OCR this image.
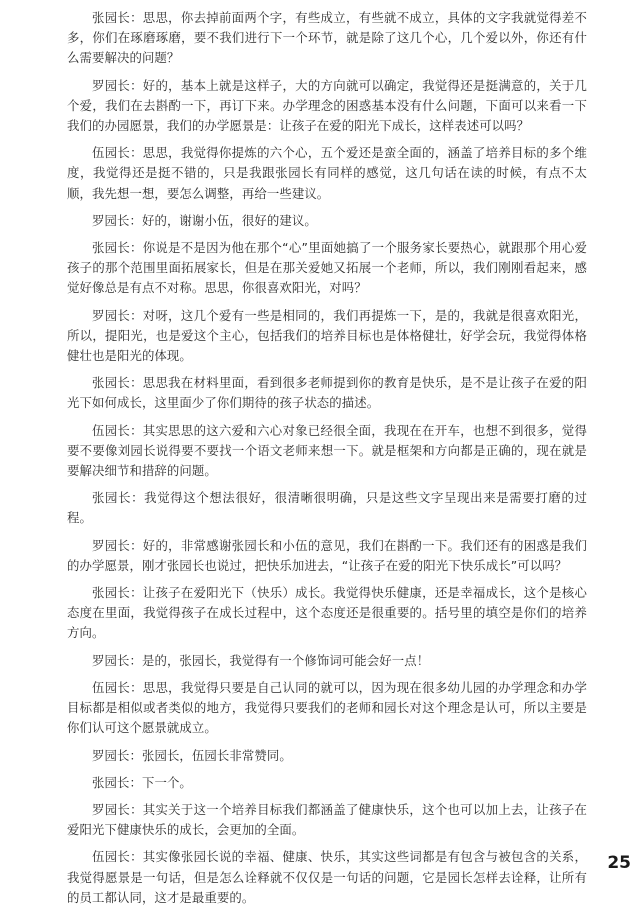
张园长：思思，你去掉前面两个字，有些成立，有些就不成立，具体的文字我就觉得差不多，你们在琢磨琢磨，要不我们进行下一个环节，就是除了这几个心，几个爱以外，你还有什么需要解决的问题？

罗园长：好的，基本上就是这样子，大的方向就可以确定，我觉得还是挺满意的，关于几个爱，我们在去斟酌一下，再订下来。办学理念的困惑基本没有什么问题，下面可以来看一下我们的办园愿景，我们的办学愿景是：让孩子在爱的阳光下成长，这样表述可以吗？

伍园长：思思，我觉得你提炼的六个心，五个爱还是蛮全面的，涵盖了培养目标的多个维度，我觉得还是挺不错的，只是我跟张园长有同样的感觉，这几句话在读的时候，有点不太顺，我先想一想，要怎么调整，再给一些建议。

罗园长：好的，谢谢小伍，很好的建议。

张园长：你说是不是因为他在那个“心”里面她搞了一个服务家长要热心，就跟那个用心爱孩子的那个范围里面拓展家长，但是在那关爱她又拓展一个老师，所以，我们刚刚看起来，感觉好像总是有点不对称。思思，你很喜欢阳光，对吗？

罗园长：对呀，这几个爱有一些是相同的，我们再提炼一下，是的，我就是很喜欢阳光，所以，提阳光，也是爱这个主心，包括我们的培养目标也是体格健壮，好学会玩，我觉得体格健壮也是阳光的体现。

张园长：思思我在材料里面，看到很多老师提到你的教育是快乐，是不是让孩子在爱的阳光下如何成长，这里面少了你们期待的孩子状态的描述。

伍园长：其实思思的这六爱和六心对象已经很全面，我现在在开车，也想不到很多，觉得要不要像刘园长说得要不要找一个语文老师来想一下。就是框架和方向都是正确的，现在就是要解决细节和措辞的问题。

张园长：我觉得这个想法很好，很清晰很明确，只是这些文字呈现出来是需要打磨的过程。

罗园长：好的，非常感谢张园长和小伍的意见，我们在斟酌一下。我们还有的困惑是我们的办学愿景，刚才张园长也说过，把快乐加进去，“让孩子在爱的阳光下快乐成长”可以吗？

张园长：让孩子在爱阳光下（快乐）成长。我觉得快乐健康，还是幸福成长，这个是核心态度在里面，我觉得孩子在成长过程中，这个态度还是很重要的。括号里的填空是你们的培养方向。

罗园长：是的，张园长，我觉得有一个修饰词可能会好一点！

伍园长：思思，我觉得只要是自己认同的就可以，因为现在很多幼儿园的办学理念和办学目标都是相似或者类似的地方，我觉得只要我们的老师和园长对这个理念是认可，所以主要是你们认可这个愿景就成立。

罗园长：张园长，伍园长非常赞同。

张园长：下一个。

罗园长：其实关于这一个培养目标我们都涵盖了健康快乐，这个也可以加上去，让孩子在爱阳光下健康快乐的成长，会更加的全面。

伍园长：其实像张园长说的幸福、健康、快乐，其实这些词都是有包含与被包含的关系，我觉得愿景是一句话，但是怎么诠释就不仅仅是一句话的问题，它是园长怎样去诠释，让所有的员工都认同，这才是最重要的。

25
